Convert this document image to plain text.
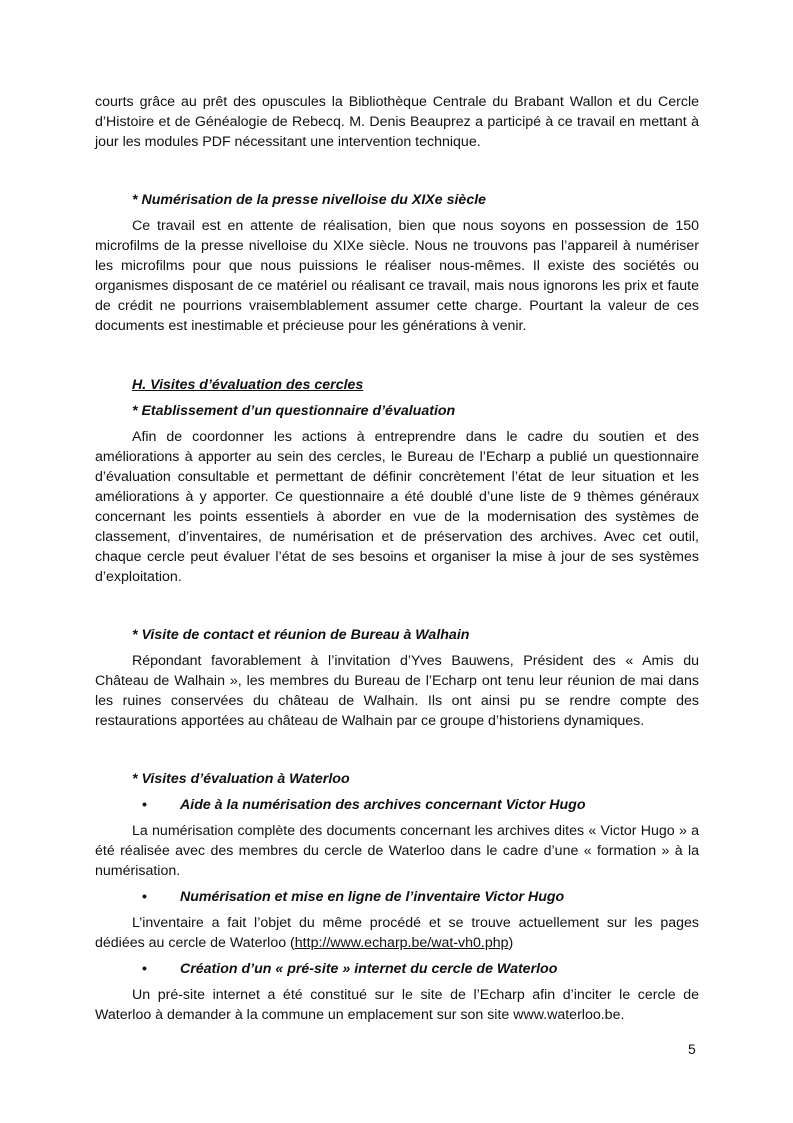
courts grâce au prêt des opuscules la Bibliothèque Centrale du Brabant Wallon et du Cercle d’Histoire et de Généalogie de Rebecq. M. Denis Beauprez a participé à ce travail en mettant à jour les modules PDF nécessitant une intervention technique.

* Numérisation de la presse nivelloise du XIXe siècle

Ce travail est en attente de réalisation, bien que nous soyons en possession de 150 microfilms de la presse nivelloise du XIXe siècle. Nous ne trouvons pas l’appareil à numériser les microfilms pour que nous puissions le réaliser nous-mêmes. Il existe des sociétés ou organismes disposant de ce matériel ou réalisant ce travail, mais nous ignorons les prix et faute de crédit ne pourrions vraisemblablement assumer cette charge. Pourtant la valeur de ces documents est inestimable et précieuse pour les générations à venir.

H. Visites d’évaluation des cercles

* Etablissement d’un questionnaire d’évaluation

Afin de coordonner les actions à entreprendre dans le cadre du soutien et des améliorations à apporter au sein des cercles, le Bureau de l’Echarp a publié un questionnaire d’évaluation consultable et permettant de définir concrètement l’état de leur situation et les améliorations à y apporter. Ce questionnaire a été doublé d’une liste de 9 thèmes généraux concernant les points essentiels à aborder en vue de la modernisation des systèmes de classement, d’inventaires, de numérisation et de préservation des archives. Avec cet outil, chaque cercle peut évaluer l’état de ses besoins et organiser la mise à jour de ses systèmes d’exploitation.

* Visite de contact et réunion de Bureau à Walhain

Répondant favorablement à l’invitation d’Yves Bauwens, Président des « Amis du Château de Walhain », les membres du Bureau de l’Echarp ont tenu leur réunion de mai dans les ruines conservées du château de Walhain. Ils ont ainsi pu se rendre compte des restaurations apportées au château de Walhain par ce groupe d’historiens dynamiques.

* Visites d’évaluation à Waterloo

• Aide à la numérisation des archives concernant Victor Hugo

La numérisation complète des documents concernant les archives dites « Victor Hugo » a été réalisée avec des membres du cercle de Waterloo dans le cadre d’une « formation » à la numérisation.

• Numérisation et mise en ligne de l’inventaire Victor Hugo

L’inventaire a fait l’objet du même procédé et se trouve actuellement sur les pages dédiées au cercle de Waterloo (http://www.echarp.be/wat-vh0.php)

• Création d’un « pré-site » internet du cercle de Waterloo

Un pré-site internet a été constitué sur le site de l’Echarp afin d’inciter le cercle de Waterloo à demander à la commune un emplacement sur son site www.waterloo.be.

5
